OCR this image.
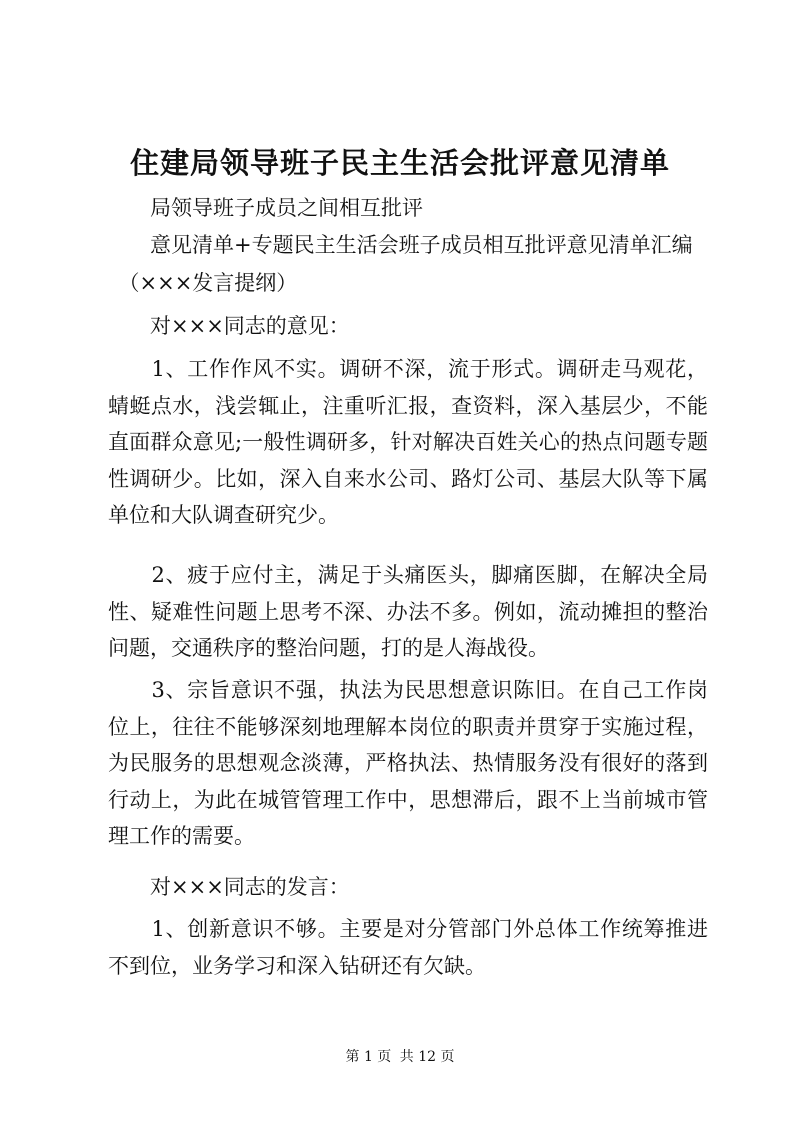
住建局领导班子民主生活会批评意见清单

　　局领导班子成员之间相互批评

　　意见清单+专题民主生活会班子成员相互批评意见清单汇编

　（×××发言提纲）

　　对×××同志的意见：

　　1、工作作风不实。调研不深，流于形式。调研走马观花，蜻蜓点水，浅尝辄止，注重听汇报，查资料，深入基层少，不能直面群众意见;一般性调研多，针对解决百姓关心的热点问题专题性调研少。比如，深入自来水公司、路灯公司、基层大队等下属单位和大队调查研究少。

　　2、疲于应付主，满足于头痛医头，脚痛医脚，在解决全局性、疑难性问题上思考不深、办法不多。例如，流动摊担的整治问题，交通秩序的整治问题，打的是人海战役。

　　3、宗旨意识不强，执法为民思想意识陈旧。在自己工作岗位上，往往不能够深刻地理解本岗位的职责并贯穿于实施过程，为民服务的思想观念淡薄，严格执法、热情服务没有很好的落到行动上，为此在城管管理工作中，思想滞后，跟不上当前城市管理工作的需要。

　　对×××同志的发言：

　　1、创新意识不够。主要是对分管部门外总体工作统筹推进不到位，业务学习和深入钻研还有欠缺。

第 1 页 共 12 页
